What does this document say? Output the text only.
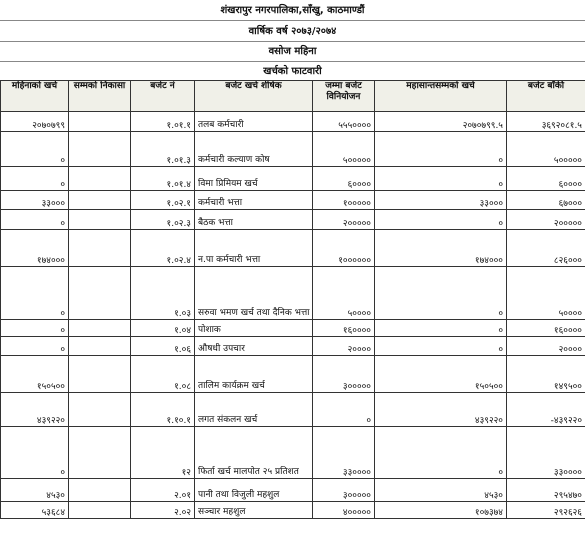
शंखरापुर नगरपालिका,साँखु, काठमाण्डौं
वार्षिक वर्ष २०७३/२०७४
वसोज महिना
खर्चको फाटवारी
महिनाको खर्च	सम्मको निकासा	बजेट नं	बजेट खर्च शीर्षक	जम्मा बजेट विनियोजन	महासान्तसम्मको खर्च	बजेट बाँकी
२०७०७९९		१.०१.१	तलब कर्मचारी	५५५००००	२०७०७९९.५	३६९२०८१.५
०		१.०१.३	कर्मचारी कल्याण कोष	५०००००	०	५०००००
०		१.०१.४	विमा प्रिमियम खर्च	६००००	०	६००००
३३०००		१.०२.१	कर्मचारी भत्ता	१०००००	३३०००	६७०००
०		१.०२.३	बैठक भत्ता	२०००००	०	२०००००
१७४०००		१.०२.४	न.पा कर्मचारी भत्ता	१००००००	१७४०००	८२६०००
०		१.०३	सरुवा भमण खर्च तथा दैनिक भत्ता	५००००	०	५००००
०		१.०४	पोशाक	१६००००	०	१६००००
०		१.०६	औषधी उपचार	२००००	०	२००००
१५०५००		१.०८	तालिम कार्यक्रम खर्च	३०००००	१५०५००	१४९५००
४३९२२०		१.१०.१	लगत संकलन खर्च	०	४३९२२०	-४३९२२०
०		१२	फिर्ता खर्च मालपोत २५ प्रतिशत	३३००००	०	३३००००
४५३०		२.०१	पानी तथा विजुली महशुल	३०००००	४५३०	२९५४७०
५३६८४		२.०२	सञ्चार महशुल	४०००००	१०७३७४	२९२६२६
